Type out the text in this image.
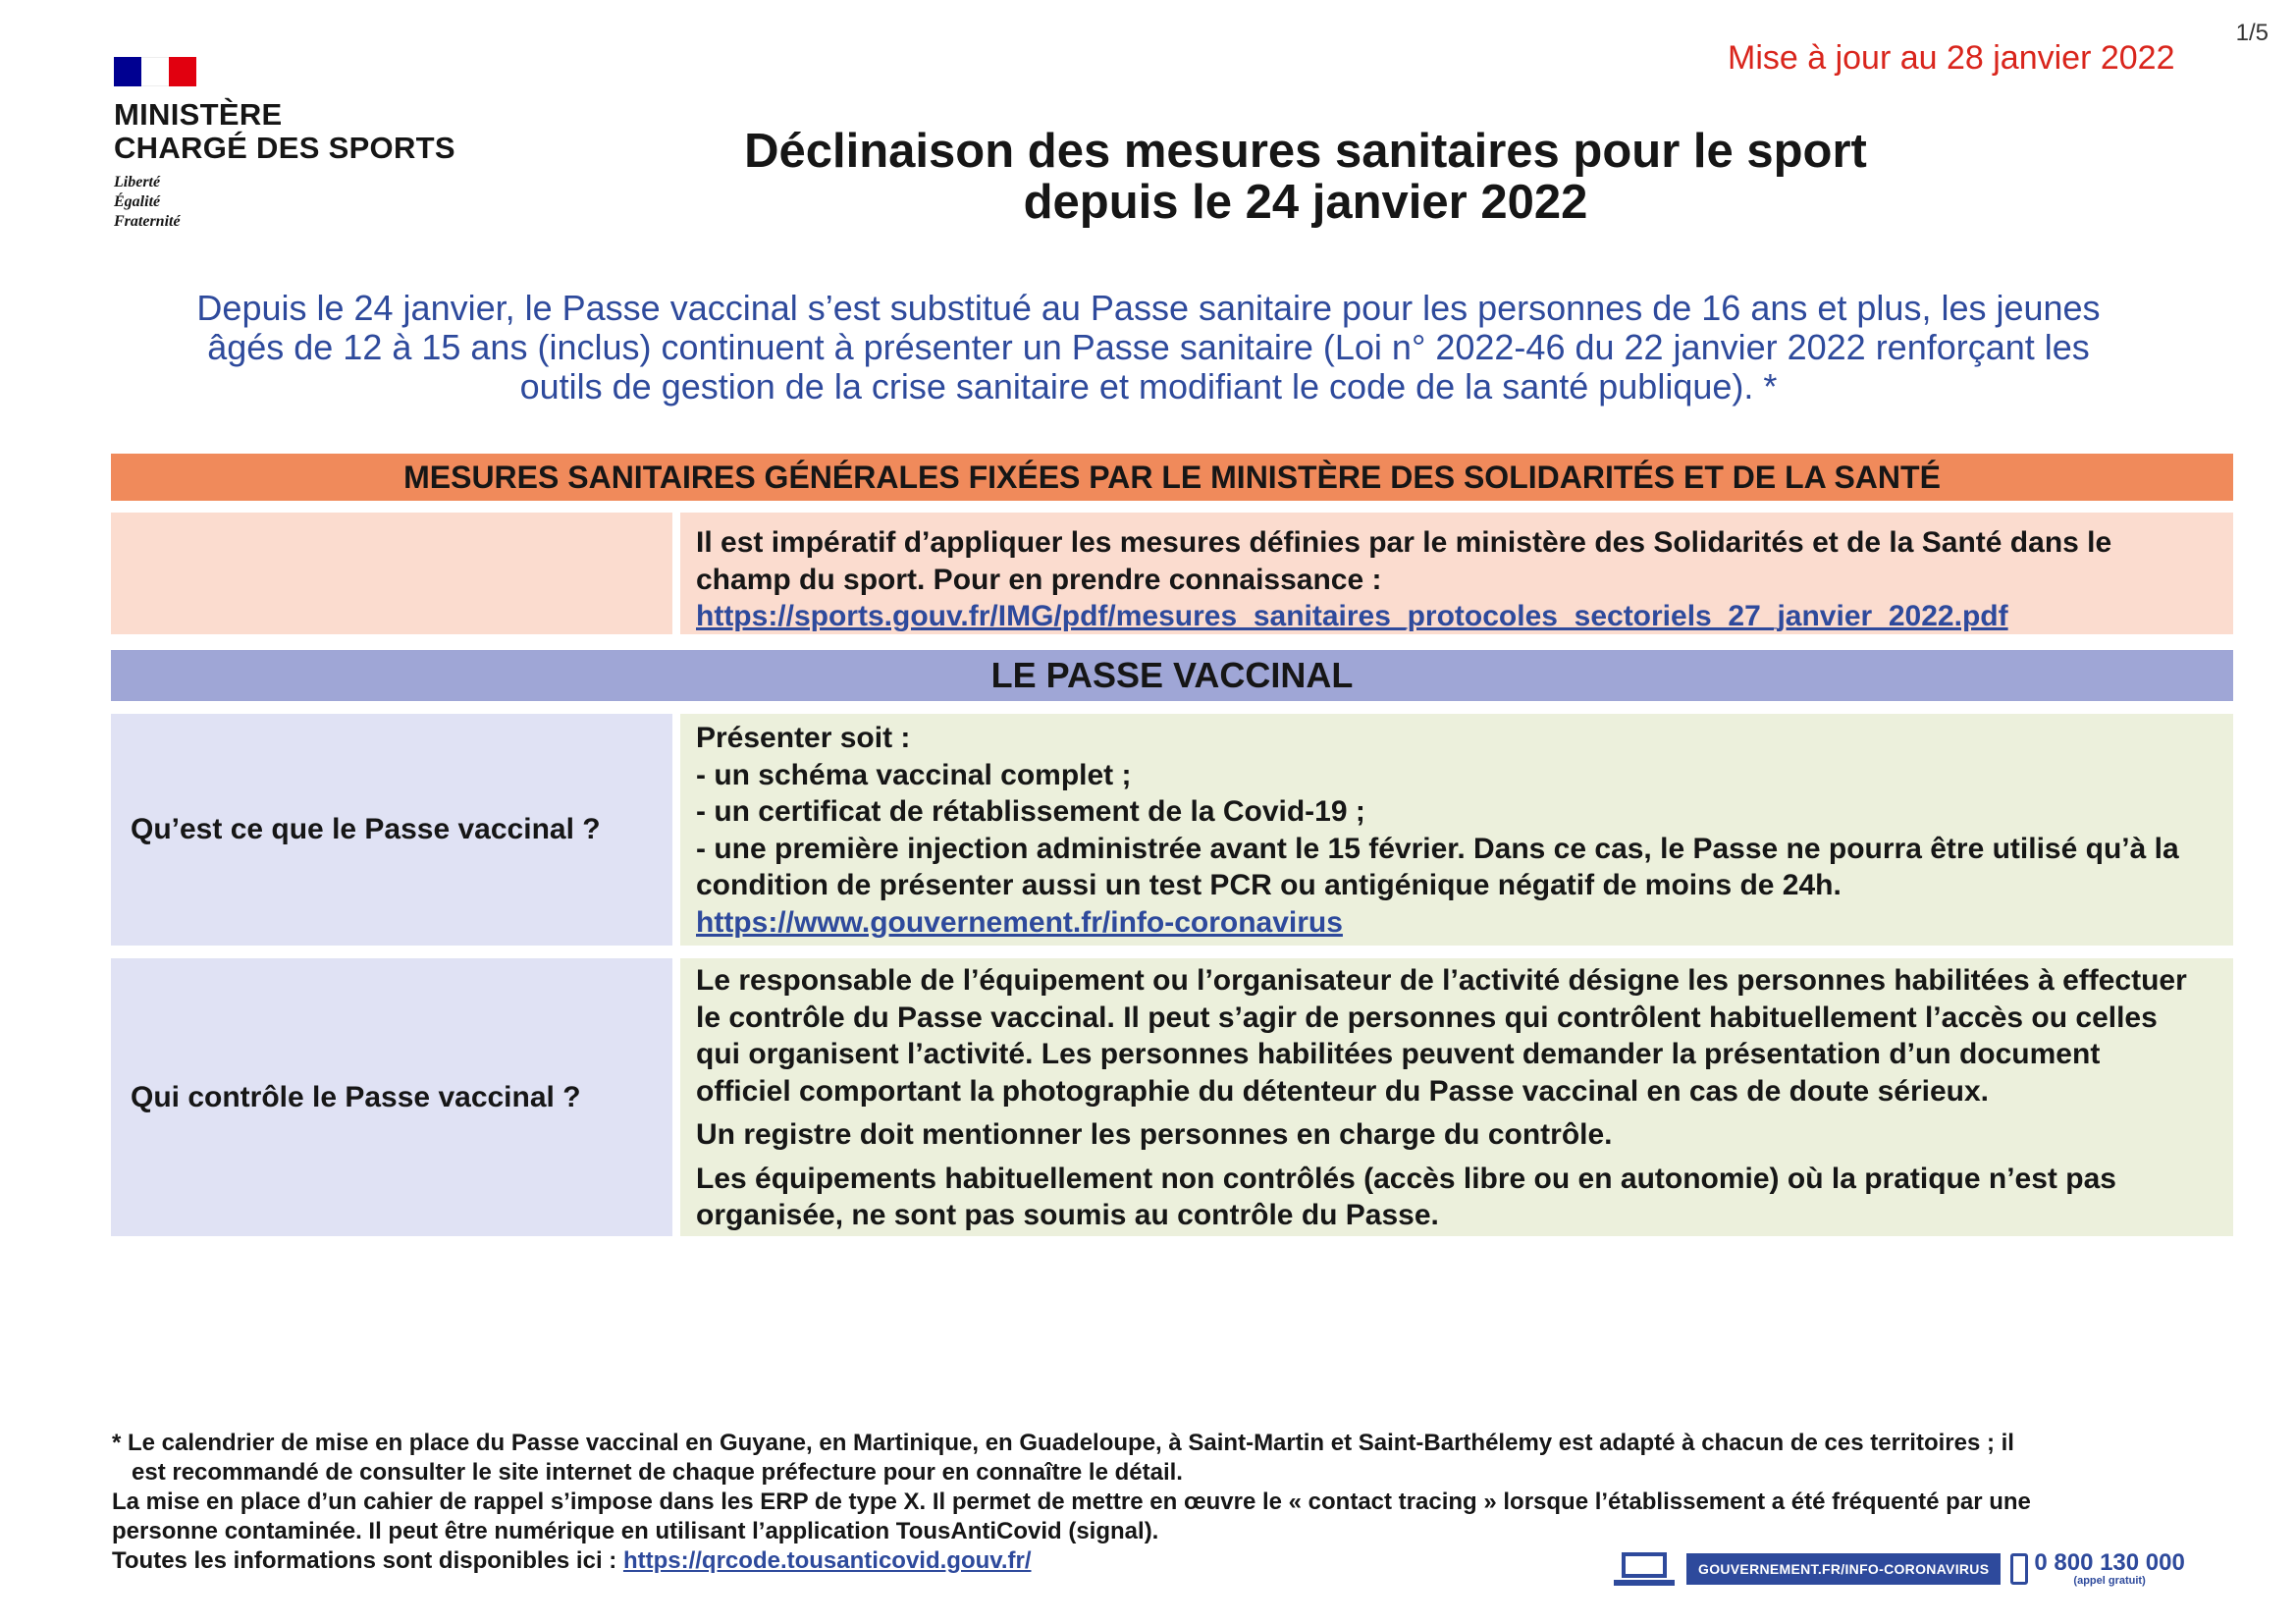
1/5
Mise à jour au 28 janvier 2022
MINISTÈRE
CHARGÉ DES SPORTS
Liberté
Égalité
Fraternité
Déclinaison des mesures sanitaires pour le sport
depuis le 24 janvier 2022
Depuis le 24 janvier, le Passe vaccinal s’est substitué au Passe sanitaire pour les personnes de 16 ans et plus, les jeunes
âgés de 12 à 15 ans (inclus) continuent à présenter un Passe sanitaire (Loi n° 2022-46 du 22 janvier 2022 renforçant les
outils de gestion de la crise sanitaire et modifiant le code de la santé publique). *
MESURES SANITAIRES GÉNÉRALES FIXÉES PAR LE MINISTÈRE DES SOLIDARITÉS ET DE LA SANTÉ
Il est impératif d’appliquer les mesures définies par le ministère des Solidarités et de la Santé dans le
champ du sport. Pour en prendre connaissance :
https://sports.gouv.fr/IMG/pdf/mesures_sanitaires_protocoles_sectoriels_27_janvier_2022.pdf
LE PASSE VACCINAL
Qu’est ce que le Passe vaccinal ?
Présenter soit :
- un schéma vaccinal complet ;
- un certificat de rétablissement de la Covid-19 ;
- une première injection administrée avant le 15 février. Dans ce cas, le Passe ne pourra être utilisé qu’à la
condition de présenter aussi un test PCR ou antigénique négatif de moins de 24h.
https://www.gouvernement.fr/info-coronavirus
Qui contrôle le Passe vaccinal ?
Le responsable de l’équipement ou l’organisateur de l’activité désigne les personnes habilitées à effectuer
le contrôle du Passe vaccinal. Il peut s’agir de personnes qui contrôlent habituellement l’accès ou celles
qui organisent l’activité. Les personnes habilitées peuvent demander la présentation d’un document
officiel comportant la photographie du détenteur du Passe vaccinal en cas de doute sérieux.
Un registre doit mentionner les personnes en charge du contrôle.
Les équipements habituellement non contrôlés (accès libre ou en autonomie) où la pratique n’est pas
organisée, ne sont pas soumis au contrôle du Passe.
* Le calendrier de mise en place du Passe vaccinal en Guyane, en Martinique, en Guadeloupe, à Saint-Martin et Saint-Barthélemy est adapté à chacun de ces territoires ; il
est recommandé de consulter le site internet de chaque préfecture pour en connaître le détail.
La mise en place d’un cahier de rappel s’impose dans les ERP de type X. Il permet de mettre en œuvre le « contact tracing » lorsque l’établissement a été fréquenté par une
personne contaminée. Il peut être numérique en utilisant l’application TousAntiCovid (signal).
Toutes les informations sont disponibles ici : https://qrcode.tousanticovid.gouv.fr/	GOUVERNEMENT.FR/INFO-CORONAVIRUS	0 800 130 000
(appel gratuit)
